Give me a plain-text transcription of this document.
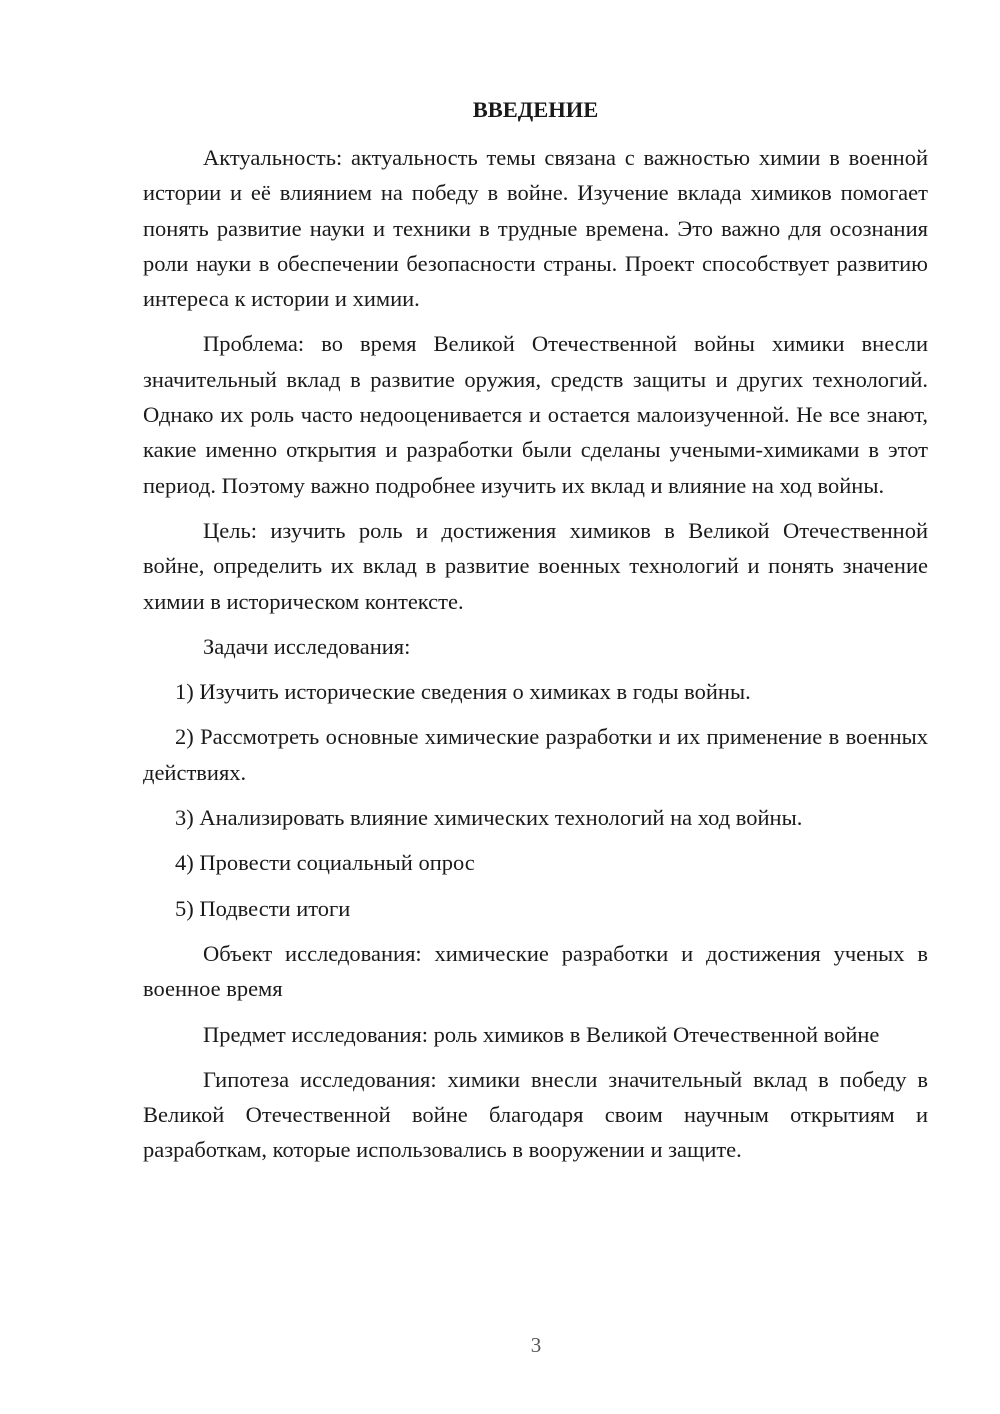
ВВЕДЕНИЕ

Актуальность: актуальность темы связана с важностью химии в военной истории и её влиянием на победу в войне. Изучение вклада химиков помогает понять развитие науки и техники в трудные времена. Это важно для осознания роли науки в обеспечении безопасности страны. Проект способствует развитию интереса к истории и химии.

Проблема: во время Великой Отечественной войны химики внесли значительный вклад в развитие оружия, средств защиты и других технологий. Однако их роль часто недооценивается и остается малоизученной. Не все знают, какие именно открытия и разработки были сделаны учеными-химиками в этот период. Поэтому важно подробнее изучить их вклад и влияние на ход войны.

Цель: изучить роль и достижения химиков в Великой Отечественной войне, определить их вклад в развитие военных технологий и понять значение химии в историческом контексте.

Задачи исследования:

1) Изучить исторические сведения о химиках в годы войны.

2) Рассмотреть основные химические разработки и их применение в военных действиях.

3) Анализировать влияние химических технологий на ход войны.

4) Провести социальный опрос

5) Подвести итоги

Объект исследования: химические разработки и достижения ученых в военное время

Предмет исследования: роль химиков в Великой Отечественной войне

Гипотеза исследования: химики внесли значительный вклад в победу в Великой Отечественной войне благодаря своим научным открытиям и разработкам, которые использовались в вооружении и защите.

3
